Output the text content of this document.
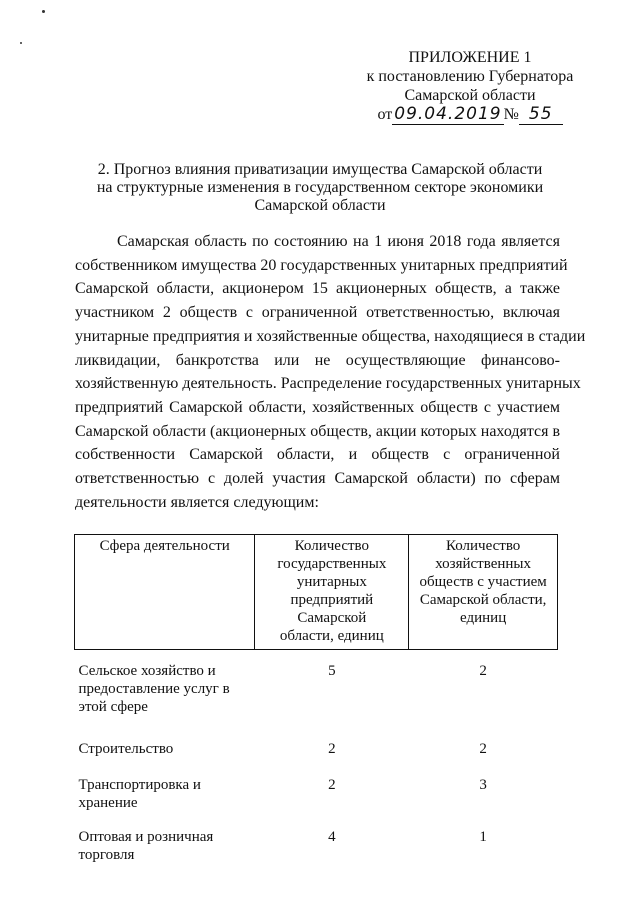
ПРИЛОЖЕНИЕ 1
к постановлению Губернатора
Самарской области
от 09.04.2019 № 55
2. Прогноз влияния приватизации имущества Самарской области
на структурные изменения в государственном секторе экономики
Самарской области
Самарская область по состоянию на 1 июня 2018 года является
собственником имущества 20 государственных унитарных предприятий
Самарской области, акционером 15 акционерных обществ, а также
участником 2 обществ с ограниченной ответственностью, включая
унитарные предприятия и хозяйственные общества, находящиеся в стадии
ликвидации, банкротства или не осуществляющие финансово-
хозяйственную деятельность. Распределение государственных унитарных
предприятий Самарской области, хозяйственных обществ с участием
Самарской области (акционерных обществ, акции которых находятся в
собственности Самарской области, и обществ с ограниченной
ответственностью с долей участия Самарской области) по сферам
деятельности является следующим:
Сфера деятельности	Количество государственных унитарных предприятий Самарской области, единиц	Количество хозяйственных обществ с участием Самарской области, единиц
Сельское хозяйство и предоставление услуг в этой сфере	5	2
Строительство	2	2
Транспортировка и хранение	2	3
Оптовая и розничная торговля	4	1
